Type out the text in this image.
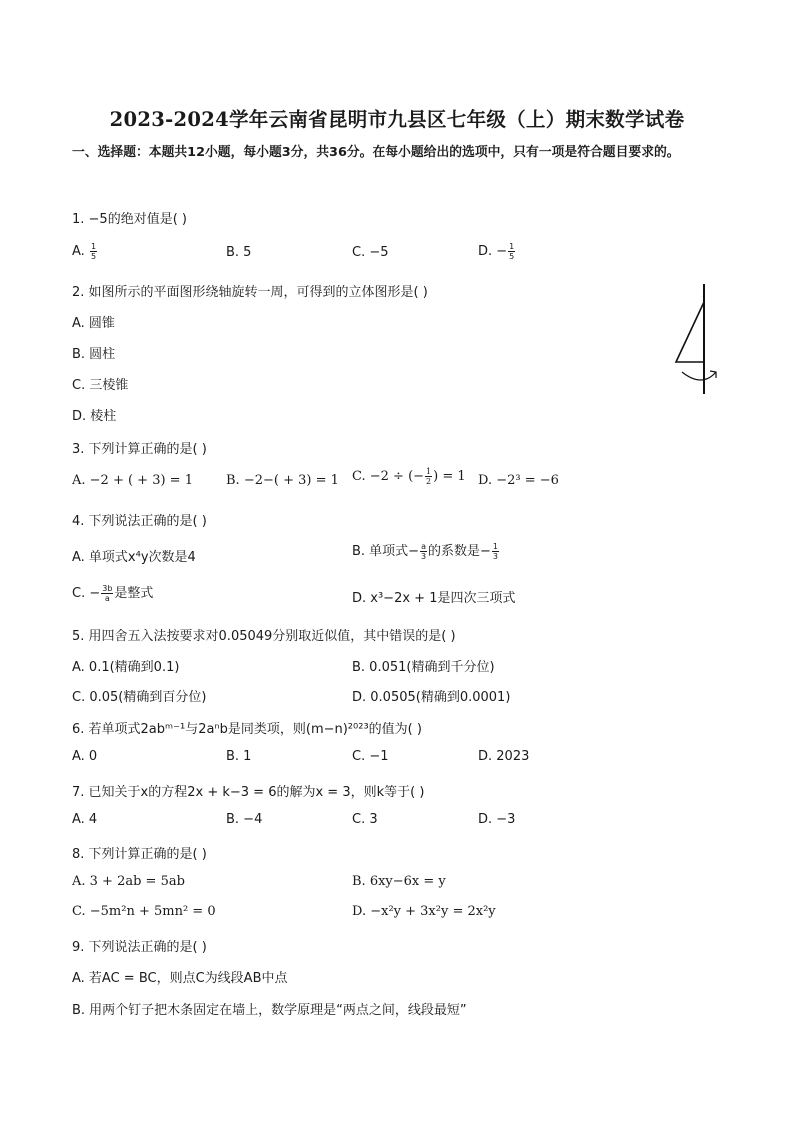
2023-2024学年云南省昆明市九县区七年级（上）期末数学试卷
一、选择题：本题共12小题，每小题3分，共36分。在每小题给出的选项中，只有一项是符合题目要求的。
1. −5的绝对值是( )
A. $\frac{1}{5}$	B. 5	C. −5	D. − $\frac{1}{5}$
2. 如图所示的平面图形绕轴旋转一周，可得到的立体图形是( )
A. 圆锥
B. 圆柱
C. 三棱锥
D. 棱柱
3. 下列计算正确的是( )
A. −2 + ( + 3) = 1	B. −2−( + 3) = 1 C. −2 ÷ (− $\frac{1}{2}$ ) = 1 D. −2³ = −6
4. 下列说法正确的是( )
A. 单项式x⁴y次数是4	B. 单项式− $\frac{a}{3}$ 的系数是− $\frac{1}{3}$
C. − $\frac{3b}{a}$ 是整式	D. x³−2x + 1是四次三项式
5. 用四舍五入法按要求对0.05049分别取近似值，其中错误的是( )
A. 0.1(精确到0.1)	B. 0.051(精确到千分位)
C. 0.05(精确到百分位)	D. 0.0505(精确到0.0001)
6. 若单项式2abᵐ⁻¹与2aⁿb是同类项，则(m−n)²⁰²³的值为( )
A. 0	B. 1	C. −1	D. 2023
7. 已知关于x的方程2x + k−3 = 6的解为x = 3，则k等于( )
A. 4	B. −4	C. 3	D. −3
8. 下列计算正确的是( )
A. 3 + 2ab = 5ab	B. 6xy−6x = y
C. −5m²n + 5mn² = 0	D. −x²y + 3x²y = 2x²y
9. 下列说法正确的是( )
A. 若AC = BC，则点C为线段AB中点
B. 用两个钉子把木条固定在墙上，数学原理是“两点之间，线段最短”
